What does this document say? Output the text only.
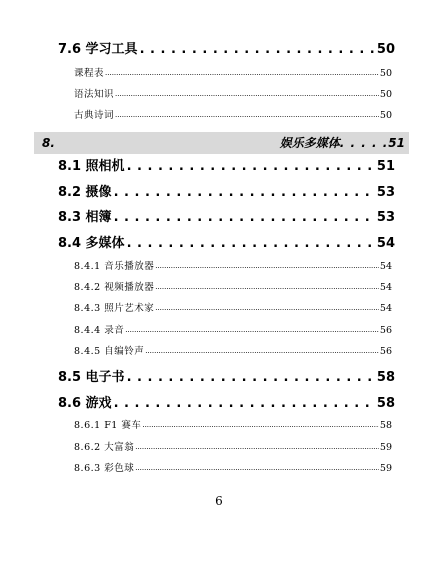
7.6 学习工具 . . .	50
课程表 .....	50
语法知识 .....	50
古典诗词 .....	50
8.	娱乐多媒体. . . . .51
8.1 照相机 . . .	51
8.2 摄像 . . .	53
8.3 相簿 . . .	53
8.4 多媒体 . . .	54
8.4.1 音乐播放器 .....	54
8.4.2 视频播放器 .....	54
8.4.3 照片艺术家 .....	54
8.4.4 录音 .....	56
8.4.5 自编铃声 .....	56
8.5 电子书 . . .	58
8.6 游戏 . . .	58
8.6.1 F1 赛车 .....	58
8.6.2 大富翁 .....	59
8.6.3 彩色球 .....	59
6
